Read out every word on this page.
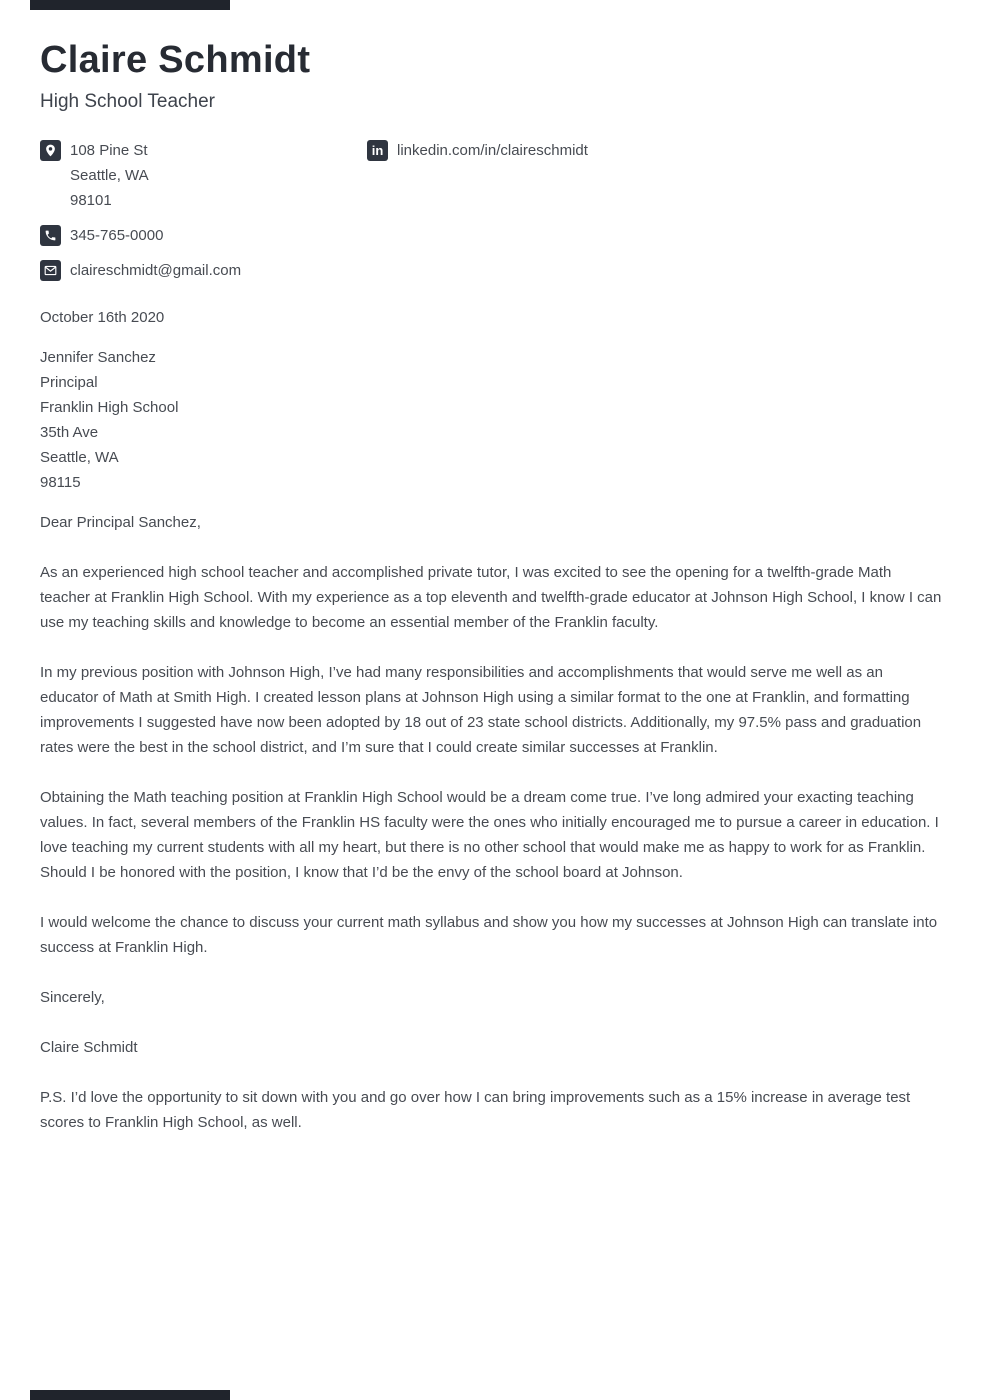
Claire Schmidt
High School Teacher
108 Pine St
Seattle, WA
98101
345-765-0000
claireschmidt@gmail.com
in linkedin.com/in/claireschmidt
October 16th 2020
Jennifer Sanchez
Principal
Franklin High School
35th Ave
Seattle, WA
98115
Dear Principal Sanchez,

As an experienced high school teacher and accomplished private tutor, I was excited to see the opening for a twelfth-grade Math teacher at Franklin High School. With my experience as a top eleventh and twelfth-grade educator at Johnson High School, I know I can use my teaching skills and knowledge to become an essential member of the Franklin faculty.

In my previous position with Johnson High, I’ve had many responsibilities and accomplishments that would serve me well as an educator of Math at Smith High. I created lesson plans at Johnson High using a similar format to the one at Franklin, and formatting improvements I suggested have now been adopted by 18 out of 23 state school districts. Additionally, my 97.5% pass and graduation rates were the best in the school district, and I’m sure that I could create similar successes at Franklin.

Obtaining the Math teaching position at Franklin High School would be a dream come true. I’ve long admired your exacting teaching values. In fact, several members of the Franklin HS faculty were the ones who initially encouraged me to pursue a career in education. I love teaching my current students with all my heart, but there is no other school that would make me as happy to work for as Franklin. Should I be honored with the position, I know that I’d be the envy of the school board at Johnson.

I would welcome the chance to discuss your current math syllabus and show you how my successes at Johnson High can translate into success at Franklin High.

Sincerely,
Claire Schmidt
P.S. I’d love the opportunity to sit down with you and go over how I can bring improvements such as a 15% increase in average test scores to Franklin High School, as well.
